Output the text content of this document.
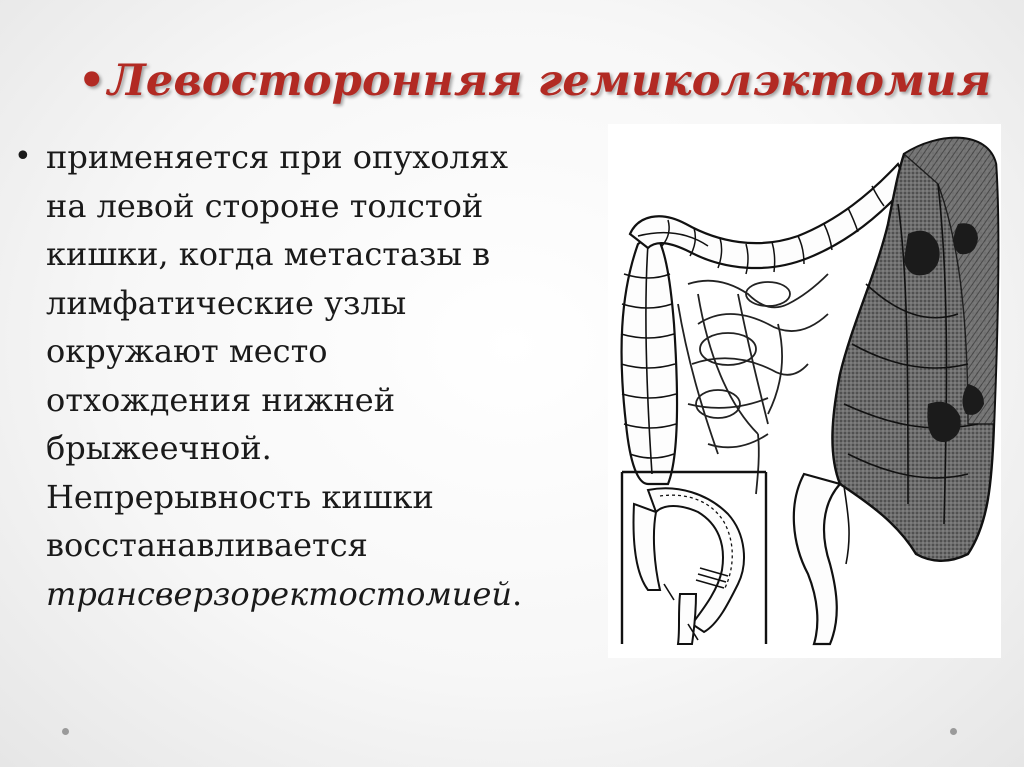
•Левосторонняя гемиколэктомия
• применяется при опухолях
на левой стороне толстой
кишки, когда метастазы в
лимфатические узлы
окружают место
отхождения нижней
брыжеечной.
Непрерывность кишки
восстанавливается
трансверзоректостомией.
